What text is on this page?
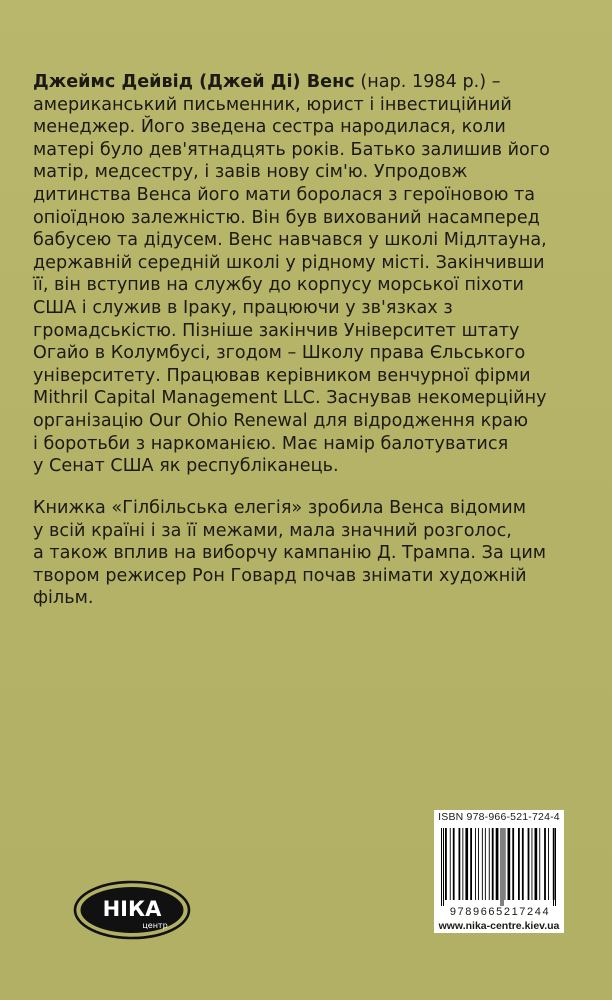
Джеймс Дейвід (Джей Ді) Венс (нар. 1984 р.) –
американський письменник, юрист і інвестиційний
менеджер. Його зведена сестра народилася, коли
матері було дев'ятнадцять років. Батько залишив його
матір, медсестру, і завів нову сім'ю. Упродовж
дитинства Венса його мати боролася з героїновою та
опіоїдною залежністю. Він був вихований насамперед
бабусею та дідусем. Венс навчався у школі Мідлтауна,
державній середній школі у рідному місті. Закінчивши
її, він вступив на службу до корпусу морської піхоти
США і служив в Іраку, працюючи у зв'язках з
громадськістю. Пізніше закінчив Університет штату
Огайо в Колумбусі, згодом – Школу права Єльського
університету. Працював керівником венчурної фірми
Mithril Capital Management LLC. Заснував некомерційну
організацію Our Ohio Renewal для відродження краю
і боротьби з наркоманією. Має намір балотуватися
у Сенат США як республіканець.
Книжка «Гілбільська елегія» зробила Венса відомим
у всій країні і за її межами, мала значний розголос,
а також вплив на виборчу кампанію Д. Трампа. За цим
твором режисер Рон Говард почав знімати художній
фільм.
НІКА
центр
ISBN 978-966-521-724-4
9789665217244
www.nika-centre.kiev.ua
